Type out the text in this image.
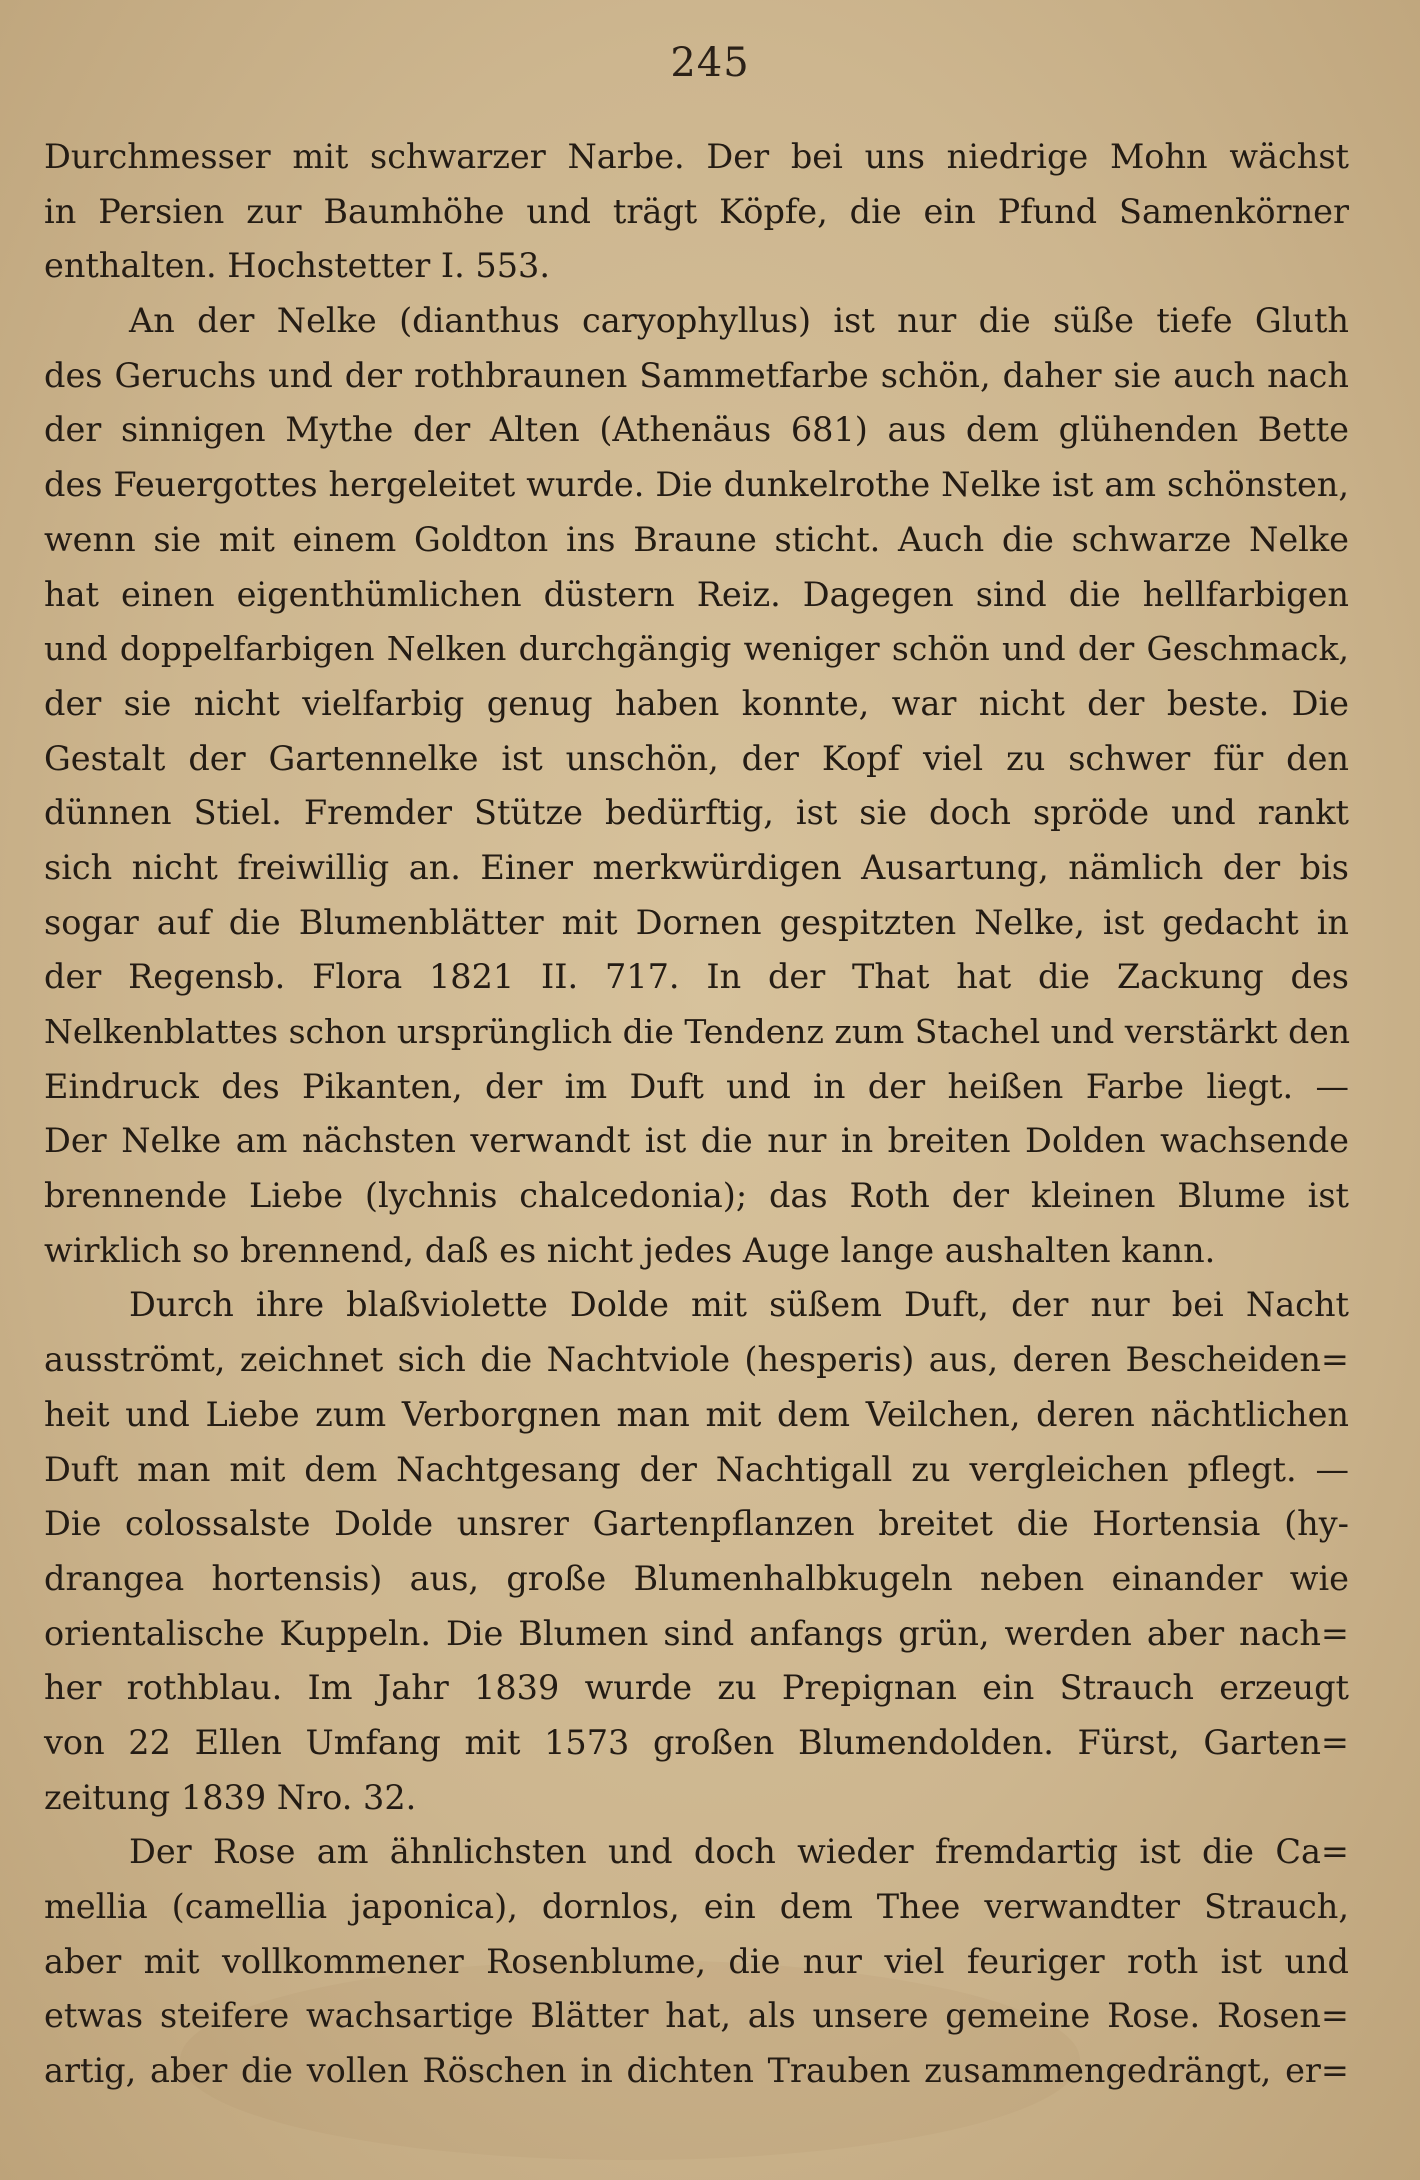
245
Durchmesser mit schwarzer Narbe. Der bei uns niedrige Mohn wächst
in Persien zur Baumhöhe und trägt Köpfe, die ein Pfund Samenkörner
enthalten. Hochstetter I. 553.
An der Nelke (dianthus caryophyllus) ist nur die süße tiefe Gluth
des Geruchs und der rothbraunen Sammetfarbe schön, daher sie auch nach
der sinnigen Mythe der Alten (Athenäus 681) aus dem glühenden Bette
des Feuergottes hergeleitet wurde. Die dunkelrothe Nelke ist am schönsten,
wenn sie mit einem Goldton ins Braune sticht. Auch die schwarze Nelke
hat einen eigenthümlichen düstern Reiz. Dagegen sind die hellfarbigen
und doppelfarbigen Nelken durchgängig weniger schön und der Geschmack,
der sie nicht vielfarbig genug haben konnte, war nicht der beste. Die
Gestalt der Gartennelke ist unschön, der Kopf viel zu schwer für den
dünnen Stiel. Fremder Stütze bedürftig, ist sie doch spröde und rankt
sich nicht freiwillig an. Einer merkwürdigen Ausartung, nämlich der bis
sogar auf die Blumenblätter mit Dornen gespitzten Nelke, ist gedacht in
der Regensb. Flora 1821 II. 717. In der That hat die Zackung des
Nelkenblattes schon ursprünglich die Tendenz zum Stachel und verstärkt den
Eindruck des Pikanten, der im Duft und in der heißen Farbe liegt. —
Der Nelke am nächsten verwandt ist die nur in breiten Dolden wachsende
brennende Liebe (lychnis chalcedonia); das Roth der kleinen Blume ist
wirklich so brennend, daß es nicht jedes Auge lange aushalten kann.
Durch ihre blaßviolette Dolde mit süßem Duft, der nur bei Nacht
ausströmt, zeichnet sich die Nachtviole (hesperis) aus, deren Bescheiden=
heit und Liebe zum Verborgnen man mit dem Veilchen, deren nächtlichen
Duft man mit dem Nachtgesang der Nachtigall zu vergleichen pflegt. —
Die colossalste Dolde unsrer Gartenpflanzen breitet die Hortensia (hy-
drangea hortensis) aus, große Blumenhalbkugeln neben einander wie
orientalische Kuppeln. Die Blumen sind anfangs grün, werden aber nach=
her rothblau. Im Jahr 1839 wurde zu Prepignan ein Strauch erzeugt
von 22 Ellen Umfang mit 1573 großen Blumendolden. Fürst, Garten=
zeitung 1839 Nro. 32.
Der Rose am ähnlichsten und doch wieder fremdartig ist die Ca=
mellia (camellia japonica), dornlos, ein dem Thee verwandter Strauch,
aber mit vollkommener Rosenblume, die nur viel feuriger roth ist und
etwas steifere wachsartige Blätter hat, als unsere gemeine Rose. Rosen=
artig, aber die vollen Röschen in dichten Trauben zusammengedrängt, er=
